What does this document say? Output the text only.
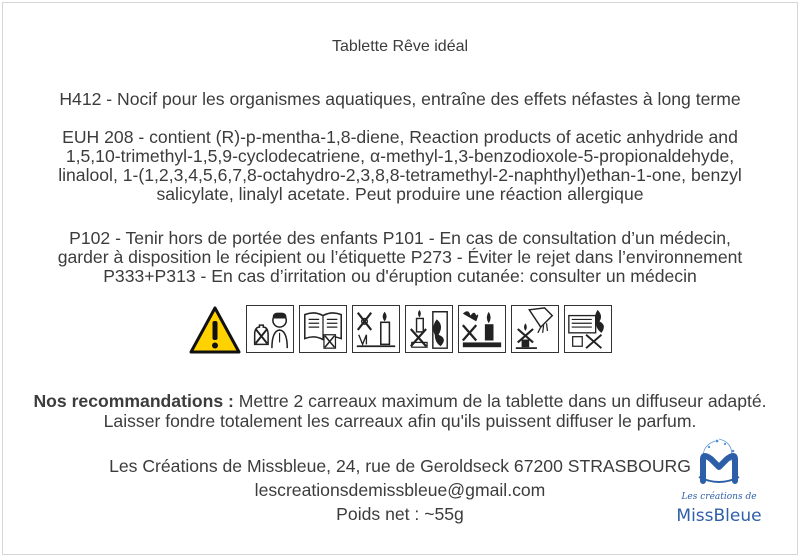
Tablette Rêve idéal
H412 - Nocif pour les organismes aquatiques, entraîne des effets néfastes à long terme
EUH 208 - contient (R)-p-mentha-1,8-diene, Reaction products of acetic anhydride and
1,5,10-trimethyl-1,5,9-cyclodecatriene, α-methyl-1,3-benzodioxole-5-propionaldehyde,
linalool, 1-(1,2,3,4,5,6,7,8-octahydro-2,3,8,8-tetramethyl-2-naphthyl)ethan-1-one, benzyl
salicylate, linalyl acetate. Peut produire une réaction allergique
P102 - Tenir hors de portée des enfants P101 - En cas de consultation d’un médecin,
garder à disposition le récipient ou l’étiquette P273 - Éviter le rejet dans l’environnement
P333+P313 - En cas d’irritation ou d'éruption cutanée: consulter un médecin
Nos recommandations : Mettre 2 carreaux maximum de la tablette dans un diffuseur adapté. Laisser fondre totalement les carreaux afin qu'ils puissent diffuser le parfum.
Les Créations de Missbleue, 24, rue de Geroldseck 67200 STRASBOURG
lescreationsdemissbleue@gmail.com
Poids net : ~55g
Les créations de
MissBleue
